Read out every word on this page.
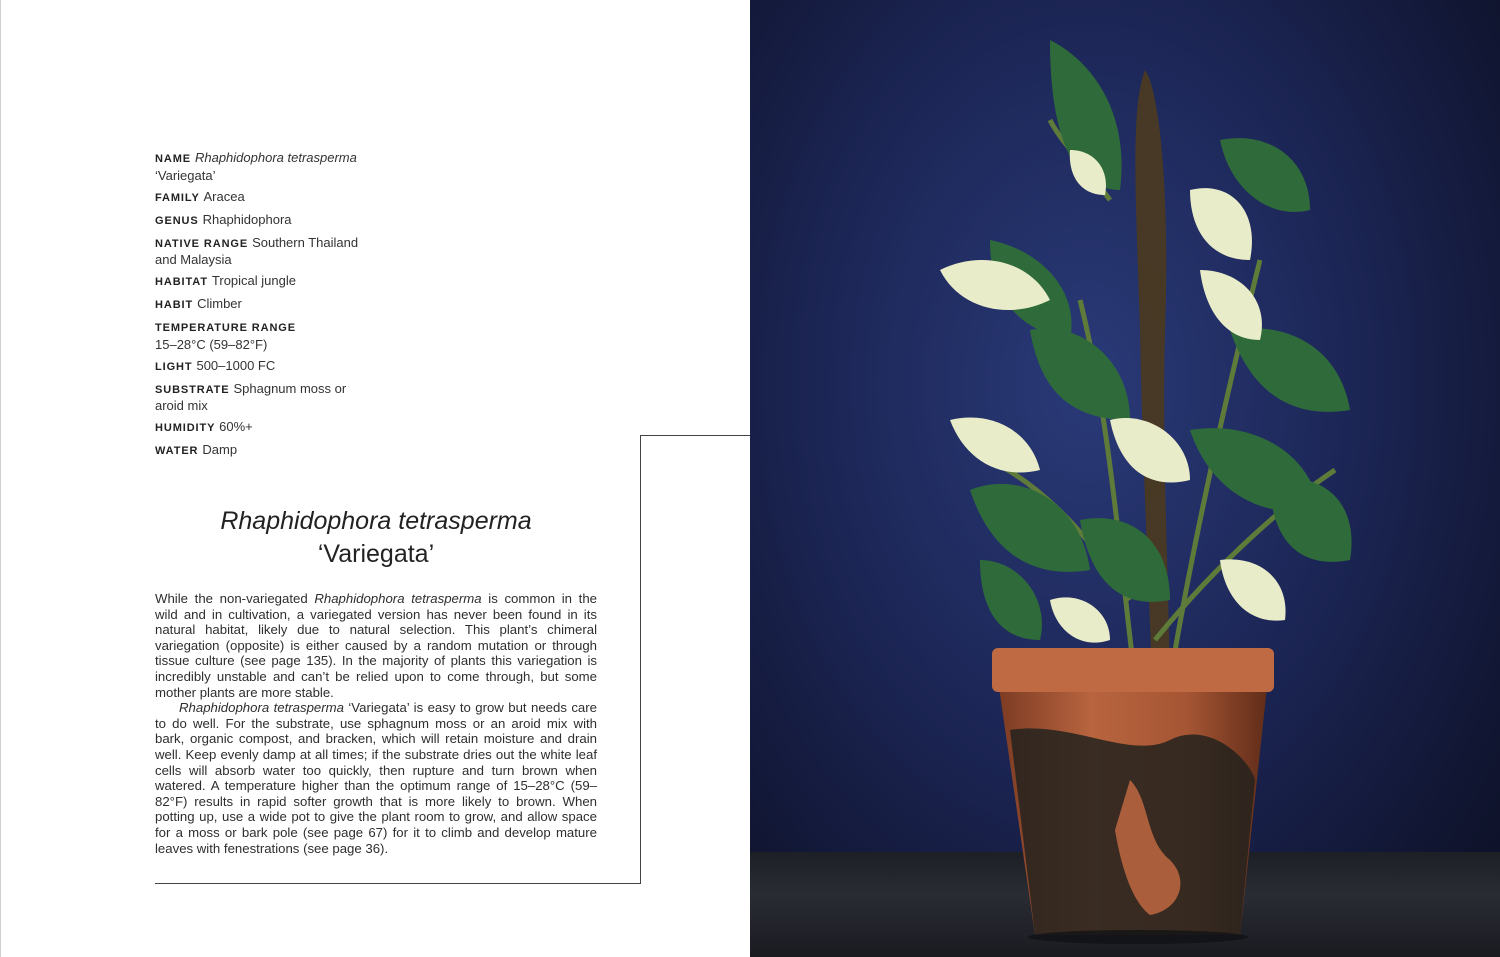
NAME Rhaphidophora tetrasperma
‘Variegata’
FAMILY Aracea
GENUS Rhaphidophora
NATIVE RANGE Southern Thailand and Malaysia
HABITAT Tropical jungle
HABIT Climber
TEMPERATURE RANGE
15–28°C (59–82°F)
LIGHT 500–1000 FC
SUBSTRATE Sphagnum moss or aroid mix
HUMIDITY 60%+
WATER Damp
Rhaphidophora tetrasperma
‘Variegata’

While the non-variegated Rhaphidophora tetrasperma is common in the wild and in cultivation, a variegated version has never been found in its natural habitat, likely due to natural selection. This plant’s chimeral variegation (opposite) is either caused by a random mutation or through tissue culture (see page 135). In the majority of plants this variegation is incredibly unstable and can’t be relied upon to come through, but some mother plants are more stable.

Rhaphidophora tetrasperma ‘Variegata’ is easy to grow but needs care to do well. For the substrate, use sphagnum moss or an aroid mix with bark, organic compost, and bracken, which will retain moisture and drain well. Keep evenly damp at all times; if the substrate dries out the white leaf cells will absorb water too quickly, then rupture and turn brown when watered. A temperature higher than the optimum range of 15–28°C (59–82°F) results in rapid softer growth that is more likely to brown. When potting up, use a wide pot to give the plant room to grow, and allow space for a moss or bark pole (see page 67) for it to climb and develop mature leaves with fenestrations (see page 36).
